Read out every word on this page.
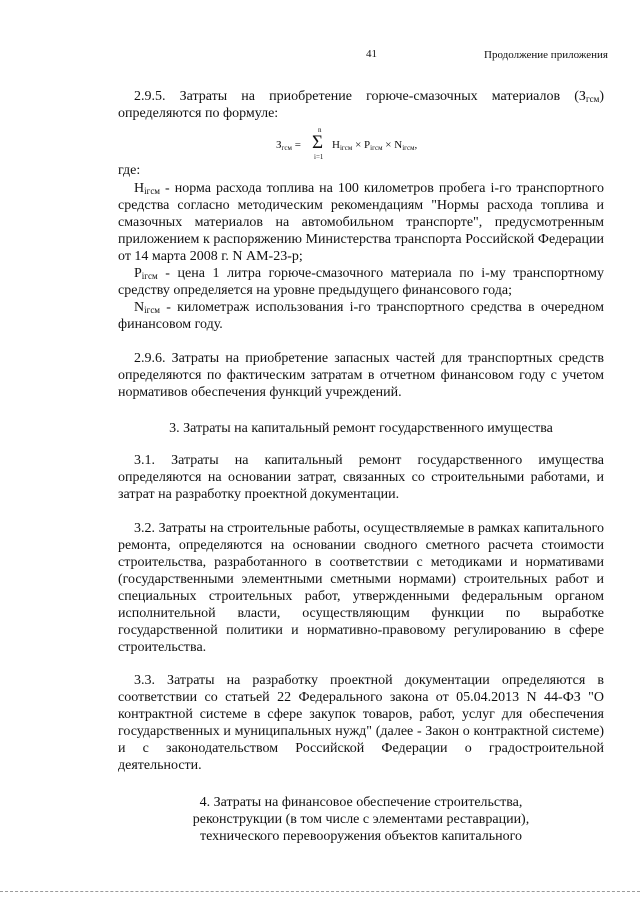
41	Продолжение приложения

2.9.5. Затраты на приобретение горюче-смазочных материалов $(З_{гсм})$ определяются по формуле:

$З_{гсм}$ =
n
Σ
i=1
$H_{iгсм} \times P_{iгсм} \times N_{iгсм}$,

где:

$H_{iгсм}$ - норма расхода топлива на 100 километров пробега i-го транспортного средства согласно методическим рекомендациям "Нормы расхода топлива и смазочных материалов на автомобильном транспорте", предусмотренным приложением к распоряжению Министерства транспорта Российской Федерации от 14 марта 2008 г. N АМ-23-р;

$P_{iгсм}$ - цена 1 литра горюче-смазочного материала по i-му транспортному средству определяется на уровне предыдущего финансового года;

$N_{iгсм}$ - километраж использования i-го транспортного средства в очередном финансовом году.

2.9.6. Затраты на приобретение запасных частей для транспортных средств определяются по фактическим затратам в отчетном финансовом году с учетом нормативов обеспечения функций учреждений.

3. Затраты на капитальный ремонт государственного имущества

3.1. Затраты на капитальный ремонт государственного имущества определяются на основании затрат, связанных со строительными работами, и затрат на разработку проектной документации.

3.2. Затраты на строительные работы, осуществляемые в рамках капитального ремонта, определяются на основании сводного сметного расчета стоимости строительства, разработанного в соответствии с методиками и нормативами (государственными элементными сметными нормами) строительных работ и специальных строительных работ, утвержденными федеральным органом исполнительной власти, осуществляющим функции по выработке государственной политики и нормативно-правовому регулированию в сфере строительства.

3.3. Затраты на разработку проектной документации определяются в соответствии со статьей 22 Федерального закона от 05.04.2013 N 44-ФЗ "О контрактной системе в сфере закупок товаров, работ, услуг для обеспечения государственных и муниципальных нужд" (далее - Закон о контрактной системе) и с законодательством Российской Федерации о градостроительной деятельности.

4. Затраты на финансовое обеспечение строительства,
реконструкции (в том числе с элементами реставрации),
технического перевооружения объектов капитального
